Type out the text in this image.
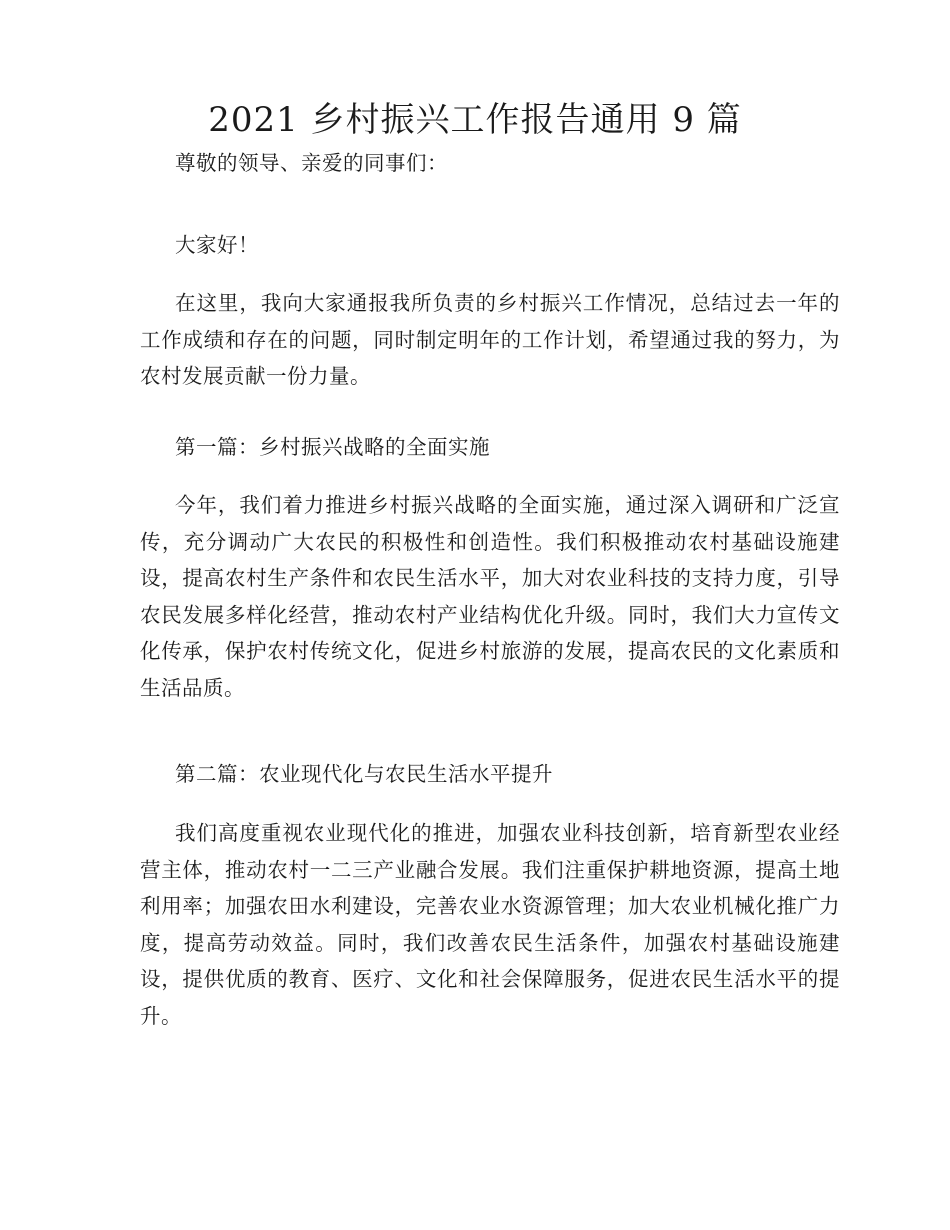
2021 乡村振兴工作报告通用 9 篇

尊敬的领导、亲爱的同事们：

大家好！

在这里，我向大家通报我所负责的乡村振兴工作情况，总结过去一年的工作成绩和存在的问题，同时制定明年的工作计划，希望通过我的努力，为农村发展贡献一份力量。

第一篇：乡村振兴战略的全面实施

今年，我们着力推进乡村振兴战略的全面实施，通过深入调研和广泛宣传，充分调动广大农民的积极性和创造性。我们积极推动农村基础设施建设，提高农村生产条件和农民生活水平，加大对农业科技的支持力度，引导农民发展多样化经营，推动农村产业结构优化升级。同时，我们大力宣传文化传承，保护农村传统文化，促进乡村旅游的发展，提高农民的文化素质和生活品质。

第二篇：农业现代化与农民生活水平提升

我们高度重视农业现代化的推进，加强农业科技创新，培育新型农业经营主体，推动农村一二三产业融合发展。我们注重保护耕地资源，提高土地利用率；加强农田水利建设，完善农业水资源管理；加大农业机械化推广力度，提高劳动效益。同时，我们改善农民生活条件，加强农村基础设施建设，提供优质的教育、医疗、文化和社会保障服务，促进农民生活水平的提升。
